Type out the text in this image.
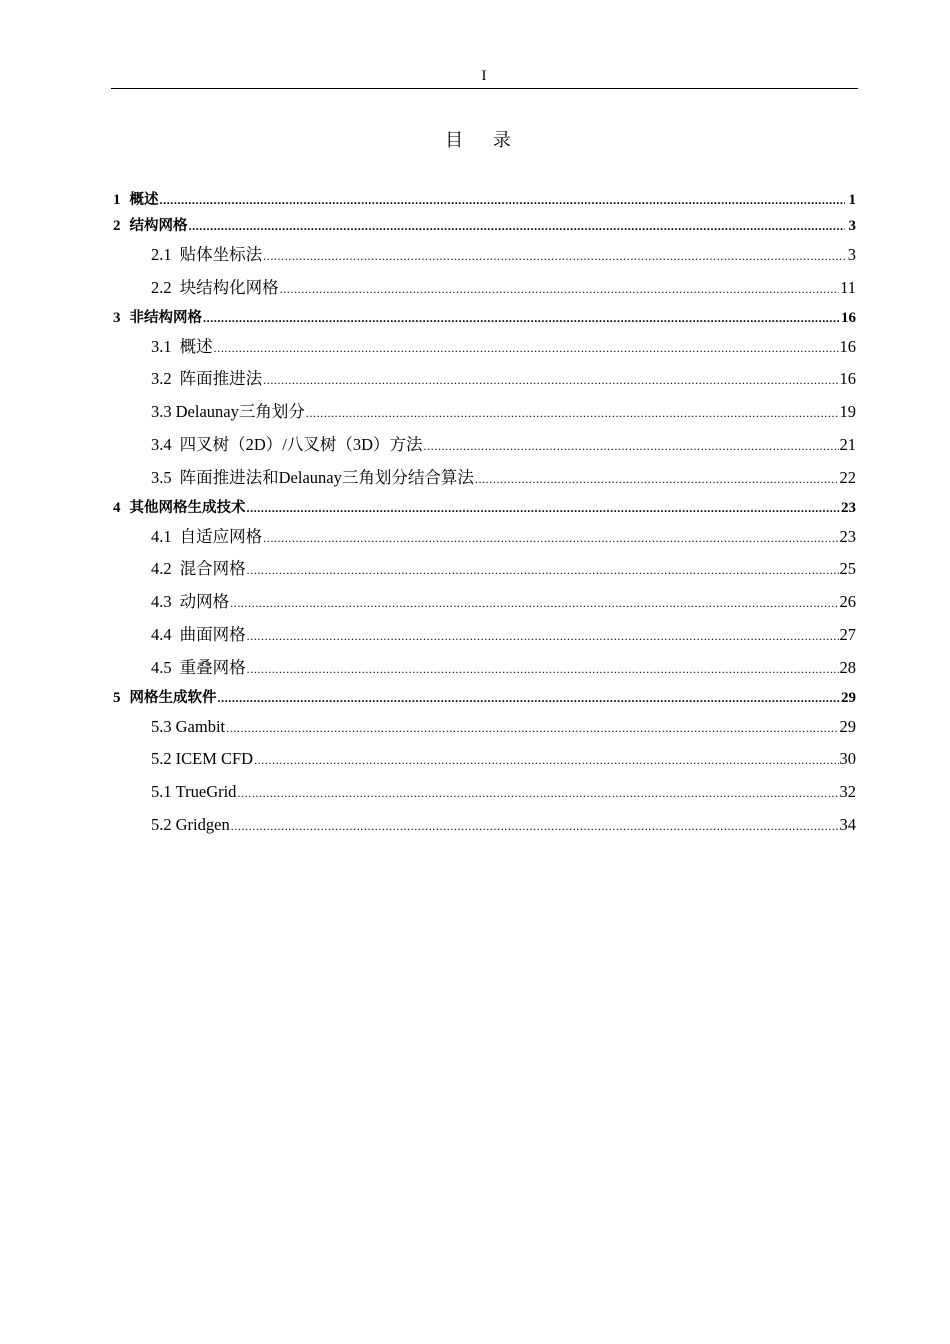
I
目 录
1 概述 .....	1
2 结构网格 .....	3
2.1 贴体坐标法 .....	3
2.2 块结构化网格 .....	11
3 非结构网格 .....	16
3.1 概述 .....	16
3.2 阵面推进法 .....	16
3.3 Delaunay三角划分 .....	19
3.4 四叉树（2D）/八叉树（3D）方法 .....	21
3.5 阵面推进法和Delaunay三角划分结合算法 .....	22
4 其他网格生成技术 .....	23
4.1 自适应网格 .....	23
4.2 混合网格 .....	25
4.3 动网格 .....	26
4.4 曲面网格 .....	27
4.5 重叠网格 .....	28
5 网格生成软件 .....	29
5.3 Gambit .....	29
5.2 ICEM CFD .....	30
5.1 TrueGrid .....	32
5.2 Gridgen .....	34
